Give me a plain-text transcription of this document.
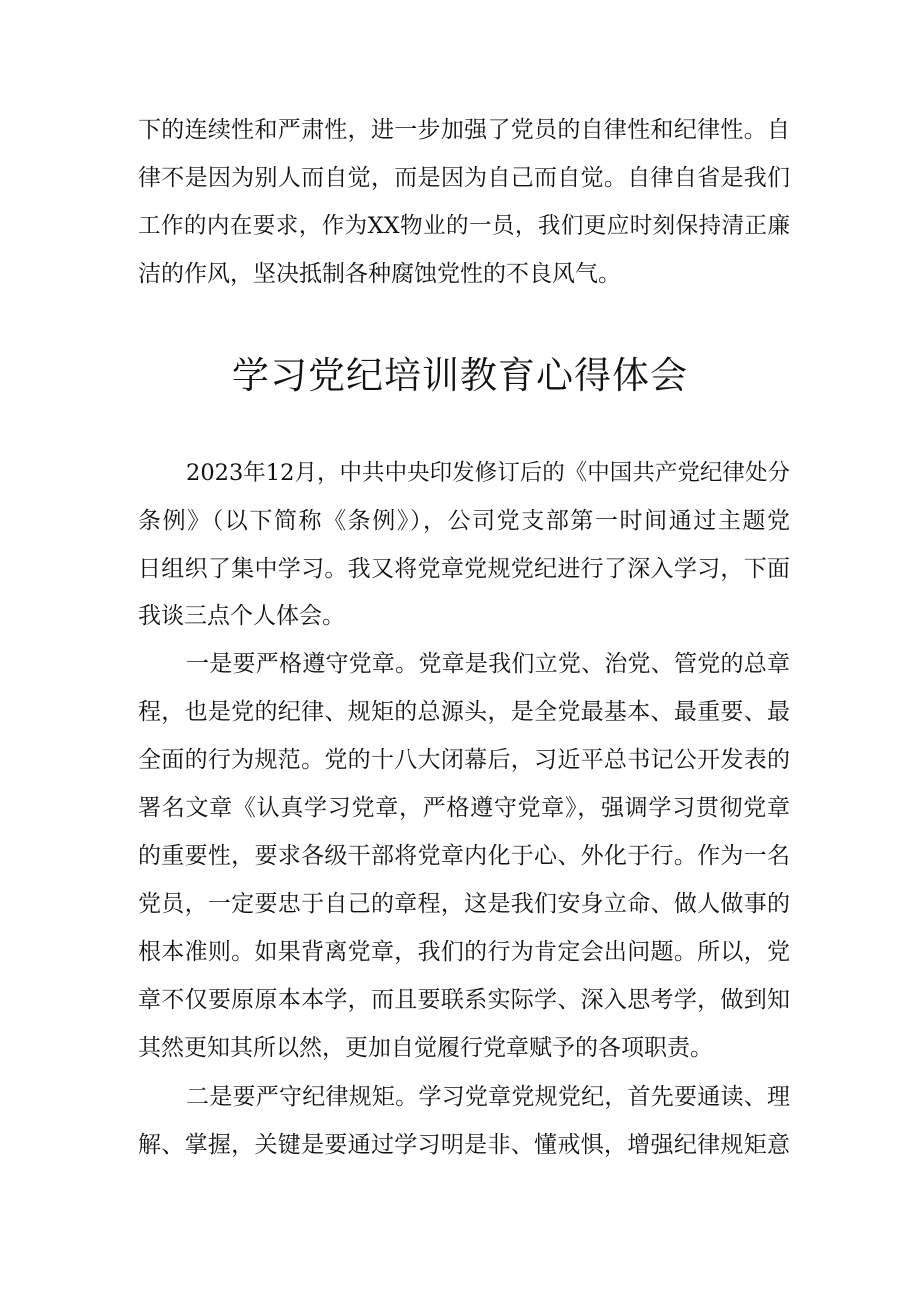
下的连续性和严肃性，进一步加强了党员的自律性和纪律性。自
律不是因为别人而自觉，而是因为自己而自觉。自律自省是我们
工作的内在要求，作为XX物业的一员，我们更应时刻保持清正廉
洁的作风，坚决抵制各种腐蚀党性的不良风气。
学习党纪培训教育心得体会
2023年12月，中共中央印发修订后的《中国共产党纪律处分
条例》（以下简称《条例》），公司党支部第一时间通过主题党
日组织了集中学习。我又将党章党规党纪进行了深入学习，下面
我谈三点个人体会。
一是要严格遵守党章。党章是我们立党、治党、管党的总章
程，也是党的纪律、规矩的总源头，是全党最基本、最重要、最
全面的行为规范。党的十八大闭幕后，习近平总书记公开发表的
署名文章《认真学习党章，严格遵守党章》，强调学习贯彻党章
的重要性，要求各级干部将党章内化于心、外化于行。作为一名
党员，一定要忠于自己的章程，这是我们安身立命、做人做事的
根本准则。如果背离党章，我们的行为肯定会出问题。所以，党
章不仅要原原本本学，而且要联系实际学、深入思考学，做到知
其然更知其所以然，更加自觉履行党章赋予的各项职责。
二是要严守纪律规矩。学习党章党规党纪，首先要通读、理
解、掌握，关键是要通过学习明是非、懂戒惧，增强纪律规矩意
